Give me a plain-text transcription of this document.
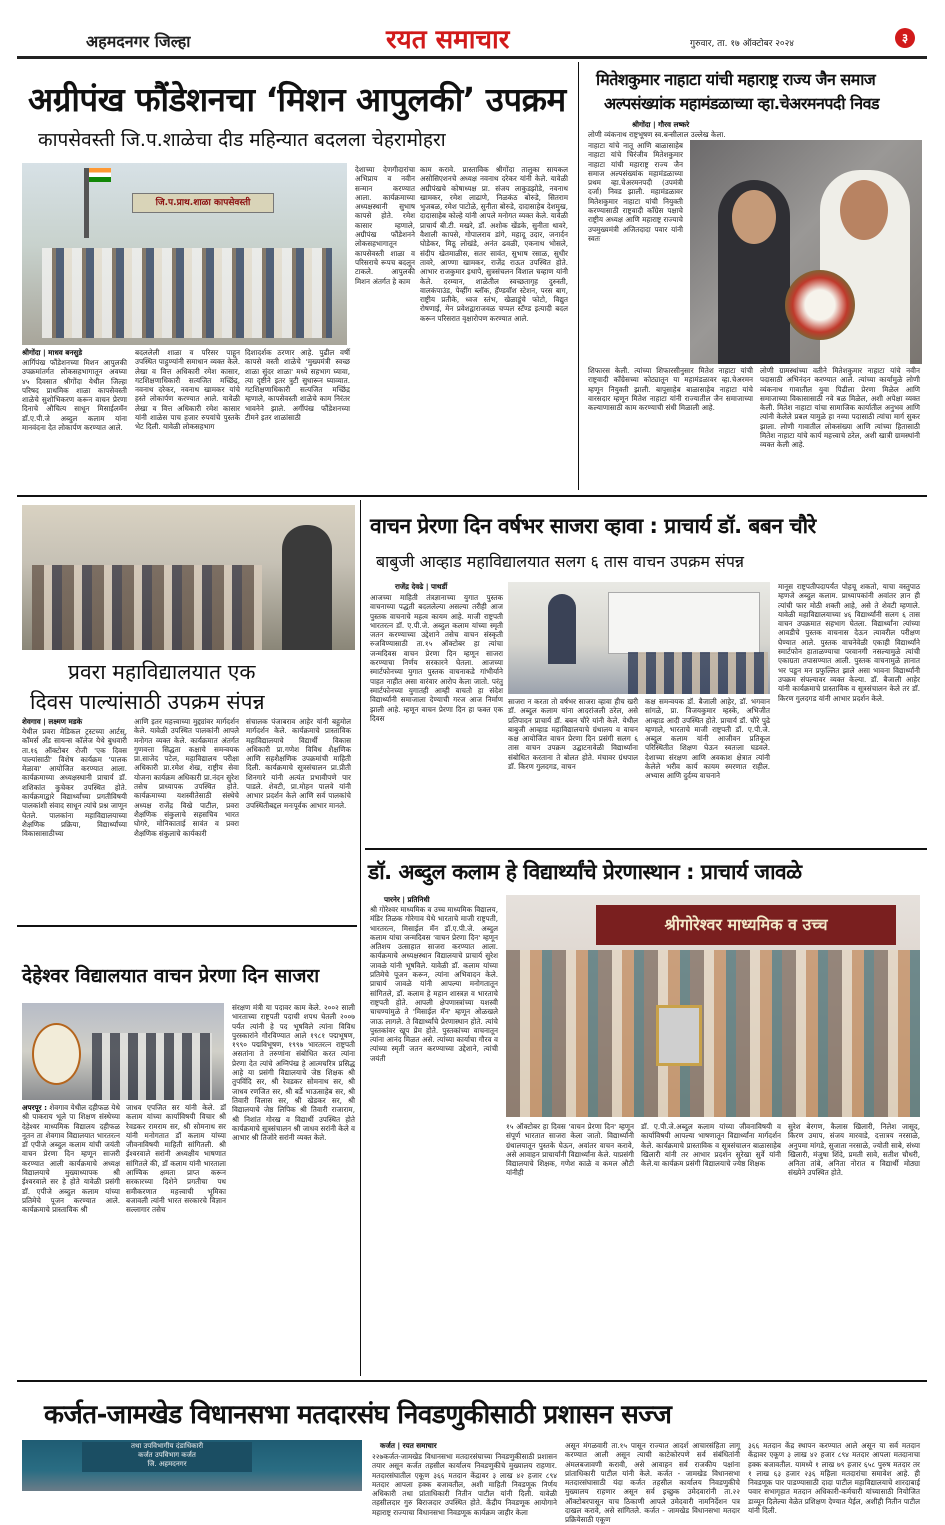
अहमदनगर जिल्हा	रयत समाचार	गुरुवार, ता. १७ ऑक्टोबर २०२४	३
अग्रीपंख फौंडेशनचा ‘मिशन आपुलकी’ उपक्रम
कापसेवस्ती जि.प.शाळेचा दीड महिन्यात बदलला चेहरामोहरा
जि.प.प्राथ.शाळा कापसेवस्ती
श्रीगोंदा | माधव बनसुडे
आर्गिपंख फौंडेशनच्या मिशन आपुलकी उपक्रमांतर्गत लोकसहभागातून अवघ्या ४५ दिवसात श्रीगोंदा येथील जिल्हा परिषद प्राथमिक शाळा कापसेवस्ती शाळेचे सुशोभिकरण करून वाचन प्रेरणा दिनाचे औचित्य साधून मिसाईलमॅन डॉ.ए.पी.जे अब्दुल कलाम यांना मानवंदना देत लोकार्पण करण्यात आले.
बदललेली शाळा व परिसर पाहून उपस्थित पाहुण्यांनी समाधान व्यक्त केले. लेखा व वित्त अधिकारी रमेश कासार, गटशिक्षणाधिकारी सत्यजित मच्छिंद्र, नवनाथ दरेकर, नवनाथ खामकर यांचे हस्ते लोकार्पण करण्यात आले. यावेळी लेखा व वित्त अधिकारी रमेश कासार यांनी शाळेस पाच हजार रुपयांचे पुस्तके भेट दिली. यावेळी लोकसहभाग
दिशादर्शक ठरणार आहे. पुढील वर्षी कापसे वस्ती शाळेचे 'मुख्यमंत्री स्वच्छ शाळा सुंदर शाळा' मध्ये सहभाग घ्यावा, त्या दृष्टीने इतर त्रुटी सुधारून घ्याव्यात. गटशिक्षणाधिकारी सत्यजित मच्छिंद्र म्हणाले, कापसेवस्ती शाळेचे काम निरंतर भावनेने झाले. अर्गीपंख फौंडेशनच्या टीमने इतर शाळांसाठी
देशाच्या देणगीदारांचा अभिप्राय व नवीन सन्मान करण्यात आला. कार्यक्रमाच्या अध्यक्षस्थानी सुभाष कापसे होते. रमेश कासार म्हणाले, अग्रीपंख फौंडेशनने लोकसहभागातून कापसेवस्ती शाळा व परिसराचे रूपच बदलून टाकले. आपुलकी मिशन अंतर्गत हे काम
काम करावे. प्रास्ताविक श्रीगोंदा तालुका सायकल असोसिएशनचे अध्यक्ष नवनाथ दरेकर यांनी केले. यावेळी अग्रीपंखचे कोषाध्यक्ष प्रा. संजय लाकुडझोडे, नवनाथ खामकर, रमेश लाढाणे, निळकंठ बोरुडे, सितराम भुजबळ, रमेश पाटोळे, सुनीता बोरुडे, दादासाहेब देशमुख, दादासाहेब कोल्हे यांनी आपले मनोगत व्यक्त केले. यावेळी प्राचार्य बी.टी. मखरे, डॉ. अशोक खेंडके, सुनीता थावरे, वैशाली कापसे, गोपालराव डांगे, महादू उदार, जनार्दन घोडेकर, मिठू लोखंडे, अनंत ढवळी, एकनाथ भोसले, संदीप खेतमाळीस, सतर सावंत, सुभाष रसाळ, सुधीर तावरे, आण्णा खामकर, राजेंद्र राऊत उपस्थित होते. आभार राजकुमार इथापे, सुत्रसंचलन विशाल चव्हाण यांनी केले. दरम्यान, शाळेतील स्वच्छतागृह दुरुस्ती, वालकंपाउंड, पेव्हींग ब्लॉक, हॅण्डवॉश स्टेशन, परस बाग, राष्ट्रीय प्रतीके, ध्वज स्तंभ, खेळाडूंचे फोटो, विद्युत रोषणाई, मेन प्रवेशद्वाराजवळ चप्पल स्टॅण्ड इत्यादी बदल करून परिसरात वृक्षारोपण करण्यात आले.
मितेशकुमार नाहाटा यांची महाराष्ट्र राज्य जैन समाज
अल्पसंख्यांक महामंडळाच्या व्हा.चेअरमनपदी निवड
श्रीगोंदा | गौरव लष्करे
लोणी व्यंकनाथ राष्ट्रभूषण स्व.बन्सीलाल उल्लेख केला.
नाहाटा यांचे नातू आणि बाळासाहेब नाहाटा यांचे चिरंजीव मितेशकुमार नाहाटा यांची महाराष्ट्र राज्य जैन समाज अल्पसंख्यांक महामंडळाच्या प्रथम व्हा.चेअरमनपदी (उपमंत्री दर्जा) निवड झाली. महामंडळावर मितेशकुमार नाहाटा यांची नियुक्ती करण्यासाठी राष्ट्रवादी काँग्रेस पक्षाचे राष्ट्रीय अध्यक्ष आणि महाराष्ट्र राज्याचे उपमुख्यमंत्री अजितदादा पवार यांनी स्वतः
शिफारस केली. त्यांच्या शिफारसीनुसार मितेश नाहाटा यांची राष्ट्रवादी काँग्रेसच्या कोट्यातून या महामंडळावर व्हा.चेअरमन म्हणून नियुक्ती झाली. बापूसाहेब बाळासाहेब नाहाटा यांचे वारसदार म्हणून मितेश नाहाटा यांनी राज्यातील जैन समाजाच्या कल्याणासाठी काम करण्याची संधी मिळाली आहे.
लोणी ग्रामस्थांच्या वतीने मितेशकुमार नाहाटा यांचे नवीन पदासाठी अभिनंदन करण्यात आले. त्यांच्या कार्यामुळे लोणी व्यंकनाथ गावातील युवा पिढीला प्रेरणा मिळेल आणि समाजाच्या विकासासाठी नवे बळ मिळेल, अशी अपेक्षा व्यक्त केली. मितेश नाहाटा यांचा सामाजिक कार्यातील अनुभव आणि त्यांनी केलेले प्रबल यामुळे हा नव्या पदासाठी त्यांचा मार्ग सुकर झाला. लोणी गावातील लोकसंख्या आणि त्यांच्या हितासाठी मितेश नाहाटा यांचे कार्य महत्त्वाचे ठरेल, अशी खात्री ग्रामस्थांनी व्यक्त केली आहे.
प्रवरा महाविद्यालयात एक
दिवस पाल्यांसाठी उपक्रम संपन्न
शेवगाव | लक्ष्मण मडके
येथील प्रवरा मेडिकल ट्रस्टच्या आर्टस्, कॉमर्स अँड सायन्स कॉलेज येथे बुधवारी ता.१६ ऑक्टोबर रोजी 'एक दिवस पाल्यांसाठी' विशेष कार्यक्रम 'पालक मेळावा' आयोजित करण्यात आला. कार्यक्रमाच्या अध्यक्षस्थानी प्राचार्य डॉ. शशिकांत कुचेकर उपस्थित होते. कार्यक्रमाद्वारे विद्यार्थ्यांच्या प्रगतीविषयी पालकांशी संवाद साधून त्यांचे प्रश्न जाणून घेतले. पालकांना महाविद्यालयाच्या शैक्षणिक प्रक्रिया, विद्यार्थ्यांच्या विकासासाठीच्या
आणि इतर महत्त्वाच्या मुद्द्यांवर मार्गदर्शन केले. यावेळी उपस्थित पालकांनी आपले मनोगत व्यक्त केले. कार्यक्रमात अंतर्गत गुणवत्ता सिद्धता कक्षाचे समन्वयक प्रा.साजेद पटेल, महाविद्यालय परीक्षा अधिकारी प्रा.रमेश शेख, राष्ट्रीय सेवा योजना कार्यक्रम अधिकारी प्रा.नंदन सुरेश तसेच प्राध्यापक उपस्थित होते. कार्यक्रमाच्या यशस्वीतेसाठी संस्थेचे अध्यक्ष राजेंद्र विखे पाटील, प्रवरा शैक्षणिक संकुलाचे सहसचिव भारत घोगरे, मोनिकाताई सावंत व प्रवरा शैक्षणिक संकुलाचे कार्यकारी
संचालक पंजाबराव आहेर यांनी बहुमोल मार्गदर्शन केले. कार्यक्रमाचे प्रास्ताविक महाविद्यालयाचे विद्यार्थी विकास अधिकारी प्रा.गणेश विविध शैक्षणिक आणि सहशैक्षणिक उपक्रमांची माहिती दिली. कार्यक्रमाचे सूत्रसंचालन प्रा.प्रीती शिनगारे यांनी अत्यंत प्रभावीपणे पार पाडले. शेवटी, प्रा.मोहन पालवे यांनी आभार प्रदर्शन केले आणि सर्व पालकांचे उपस्थितीबद्दल मनःपूर्वक आभार मानले.
वाचन प्रेरणा दिन वर्षभर साजरा व्हावा : प्राचार्य डॉ. बबन चौरे
बाबुजी आव्हाड महाविद्यालयात सलग ६ तास वाचन उपक्रम संपन्न
राजेंद्र देवढे | पाथर्डी
आजच्या माहिती तंत्रज्ञानाच्या युगात पुस्तक वाचनाच्या पद्धती बदललेल्या असल्या तरीही आज पुस्तक वाचनाचे महत्व कायम आहे. माजी राष्ट्रपती भारतरत्न डॉ. ए.पी.जे. अब्दुल कलाम यांच्या स्मृती जतन करण्याच्या उद्देशाने तसेच वाचन संस्कृती रुजविण्यासाठी ता.१५ ऑक्टोबर हा त्यांचा जन्मदिवस वाचन प्रेरणा दिन म्हणून साजरा करण्याचा निर्णय सरकारने घेतला. आजच्या स्मार्टफोनच्या युगात पुस्तक वाचनाकडे गांभीर्याने पाहत नाहीत असा वारंवार आरोप केला जातो. परंतु स्मार्टफोनच्या युगातही आम्ही वाचतो हा संदेश विद्यार्थ्यांनी समाजाला देण्याची गरज आज निर्माण झाली आहे. म्हणून वाचन प्रेरणा दिन हा फक्त एक दिवस
साजरा न करता तो वर्षभर साजरा व्हावा हीच खरी डॉ. अब्दुल कलाम यांना आदरांजली ठरेल, असे प्रतिपादन प्राचार्य डॉ. बबन चौरे यांनी केले. येथील बाबुजी आव्हाड महाविद्यालयाचे ग्रंथालय व वाचन कक्ष आयोजित वाचन प्रेरणा दिन प्रसंगी सलग ६ तास वाचन उपक्रम उद्घाटनावेळी विद्यार्थ्यांना संबोधित करताना ते बोलत होते. मंचावर ग्रंथपाल डॉ. किरण गुलदगड, वाचन
कक्ष समन्वयक डॉ. बैजाली आहेर, डॉ. भगवान सांगळे, प्रा. विजयकुमार म्हस्के, अभिजीत आव्हाड आदी उपस्थित होते. प्राचार्य डॉ. चौरे पुढे म्हणाले, भारताचे माजी राष्ट्रपती डॉ. ए.पी.जे. अब्दुल कलाम यांनी आजीवन प्रतिकूल परिस्थितीत शिक्षण घेऊन स्वतःला घडवले. देशाच्या संरक्षण आणि अवकाश क्षेत्रात त्यांनी केलेले भरीव कार्य कायम स्मरणात राहील. अभ्यास आणि दुर्दम्य वाचनाने
मानूस राष्ट्रपतीपदापर्यंत पोहचू शकतो, याचा वस्तुपाठ म्हणजे अब्दुल कलाम. प्राध्यापकांनी अवांतर ज्ञान ही त्यांची फार मोठी शक्ती आहे, असे ते शेवटी म्हणाले. यावेळी महाविद्यालयाच्या ४६ विद्यार्थ्यांनी सलग ६ तास वाचन उपक्रमात सहभाग घेतला. विद्यार्थ्यांना त्यांच्या आवडीचे पुस्तक वाचनास देऊन त्यावरील परीक्षण घेण्यात आले. पुस्तक वाचनेवेळी एकाही विद्यार्थ्यांने स्मार्टफोन हाताळण्याचा परवानगी नसल्यामुळे त्यांची एकाग्रता तपासण्यात आली. पुस्तक वाचनामुळे ज्ञानात भर पडून मन प्रफुल्लित झाले असा भावना विद्यार्थ्यांनी उपक्रम संपल्यावर व्यक्त केल्या. डॉ. बैजाली आहेर यांनी कार्यक्रमाचे प्रास्ताविक व सूत्रसंचालन केले तर डॉ. किरण गुलदगड यांनी आभार प्रदर्शन केले.
डॉ. अब्दुल कलाम हे विद्यार्थ्यांचे प्रेरणास्थान : प्राचार्य जावळे
पारनेर | प्रतिनिधी
श्री गोरेश्वर माध्यमिक व उच्च माध्यमिक विद्यालय, मंडिर तिळक गोरेगाव येथे भारताचे माजी राष्ट्रपती, भारतरत्न, मिसाईल मॅन डॉ.ए.पी.जे. अब्दुल कलाम यांचा जन्मदिवस 'वाचन प्रेरणा दिन' म्हणून अतिशय उत्साहात साजरा करण्यात आला. कार्यक्रमाचे अध्यक्षस्थान विद्यालयाचे प्राचार्य सुरेश जावळे यांनी भूषविले. यावेळी डॉ. कलाम यांच्या प्रतिमेचे पूजन करून, त्यांना अभिवादन केले. प्राचार्य जावळे यांनी आपल्या मनोगतातून सांगितले, डॉ. कलाम हे महान शास्त्रज्ञ व भारताचे राष्ट्रपती होते. आपली क्षेपणास्त्रांच्या यशस्वी चाचण्यांमुळे ते 'मिसाईल मॅन' म्हणून ओळखले जाऊ लागले. ते विद्यार्थ्यांचे प्रेरणास्थान होते. त्यांचे पुस्तकांवर खूप प्रेम होते. पुस्तकांच्या वाचनातून त्यांना आनंद मिळत असे. त्यांच्या कार्याचा गौरव व त्यांच्या स्मृती जतन करण्याच्या उद्देशाने, त्यांची जयंती
श्रीगोरेश्वर माध्यमिक व उच्च
१५ ऑक्टोबर हा दिवस 'वाचन प्रेरणा दिन' म्हणून संपूर्ण भारतात साजरा केला जातो. विद्यार्थ्यांनी ग्रंथालयातून पुस्तके घेऊन, अवांतर वाचन करावे, असे आवाहन प्राचार्यांनी विद्यार्थ्यांना केले. याप्रसंगी विद्यालयाचे शिक्षक, गणेश काळे व कमल औटी यांनीही
डॉ. ए.पी.जे.अब्दुल कलाम यांच्या जीवनाविषयी व कार्याविषयी आपल्या भाषणातून विद्यार्थ्यांना मार्गदर्शन केले. कार्यक्रमाचे प्रास्ताविक व सूत्रसंचालन बाळासाहेब खिलारी यांनी तर आभार प्रदर्शन सुरेखा सुर्वे यांनी केले.या कार्यक्रम प्रसंगी विद्यालयाचे ज्येष्ठ शिक्षक
सुरेश बेरगण, कैलास खिलारी, निलेश जासूद, किरण उमाप, संजय मारवाडे, दत्तात्रय नरसाळे, अनुपमा मांगडे, सुजाता नरसाळे, ज्योती साबे, संध्या खिलारी, मंजुषा शिंदे, प्रमती सावे, सतीश चौधरी, अनिता तांबे, अनिता नोरात व विद्यार्थी मोठ्या संख्येने उपस्थित होते.
देहेश्वर विद्यालयात वाचन प्रेरणा दिन साजरा
अपरपूर : शेवगाव येथील दहीफळ येथे श्री पाकराय भूले पा शिक्षण संस्थेच्या देहेश्वर माध्यमिक विद्यालय दहीफळ नूतन ता शेवगाव विद्यालयात भारतरत्न डॉ एपीजे अब्दुल कलाम यांची जयंती वाचन प्रेरणा दिन म्हणून साजरी करण्यात आली कार्यक्रमाचे अध्यक्ष विद्यालयाचे मुख्याध्यापक श्री ईश्वरवाले सर हे होते यावेळी प्रसंगी डॉ. एपीजे अब्दुल कलाम यांच्या प्रतिमेचे पूजन करण्यात आले. कार्यक्रमाचे प्रास्ताविक श्री
जाधव एपजित सर यांनी केले. डॉ कलाम यांच्या कार्याविषयी विचार श्री रेवडकर रामराम सर, श्री सोमनाथ सर यांनी मनोगतात डॉ कलाम यांच्या जीवनाविषयी माहिती सांगितली. श्री ईश्वरवाले सरांनी अध्यक्षीय भाषणात सांगितले की, डॉ कलाम यांनी भारताला आण्विक क्षमता प्राप्त करून सरकारच्या दिशेने प्रगतीचा पथ समीकरणात महत्त्वाची भूमिका बजावली त्यांनी भारत सरकारचे विज्ञान सल्लागार तसेच
संरक्षण मंत्री या पदावर काम केले. २००२ साली भारताच्या राष्ट्रपती पदाची शपथ घेतली २००७ पर्यंत त्यांनी हे पद भूषविले त्यांना विविध पुरस्कारांने गौरविण्यात आले १९८१ पद्मभूषण, १९९० पद्मविभूषण, १९९७ भारतरत्न राष्ट्रपती असतांना ते तरुणांना संबोधित करत त्यांना प्रेरणा देत त्यांचे अग्निपंख हे आत्मचरित्र प्रसिद्ध आहे या प्रसंगी विद्यालयाचे जेष्ठ शिक्षक श्री तुपविंदि सर, श्री रेवडकर सोमनाथ सर, श्री जाधव रणजित सर, श्री बर्डे भाऊसाहेब सर, श्री तिवारी विलास सर, श्री खेडकर सर, श्री विद्यालयाचे जेष्ठ लिपिक श्री तिवारी राजाराम, श्री निशांत गोरख व विद्यार्थी उपस्थित होते कार्यक्रमाचे सूत्रसंचालन श्री जाधव सरांनी केले व आभार श्री तिजोरे सरांनी व्यक्त केले.
कर्जत-जामखेड विधानसभा मतदारसंघ निवडणुकीसाठी प्रशासन सज्ज
तथा उपविभागीय दंडाधिकारी
कर्जत उपविभाग कर्जत
जि. अहमदनगर
कर्जत | रयत समाचार
२२७कर्जत-जामखेड विधानसभा मतदारसंघाच्या निवडणुकीसाठी प्रशासन तयार असून कर्जत तहसील कार्यालय निवडणुकीचे मुख्यालय राहणार. मतदारसंघातील एकूण ३६६ मतदान केंद्रावर ३ लाख ४२ हजार ८९४ मतदार आपला हक्क बजावतील, अशी माहिती निवडणूक निर्णय अधिकारी तथा प्रांताधिकारी नितीन पाटील यांनी दिली. यावेळी तहसीलदार गुरु बिराजदार उपस्थित होते. केंद्रीय निवडणूक आयोगाने महाराष्ट्र राज्याचा विधानसभा निवडणूक कार्यक्रम जाहीर केला
असून मंगळवारी ता.१५ पासून राज्यात आदर्श आचारसंहिता लागू करण्यात आली असून त्याची काटेकोरपणे सर्व संबंधितांनी अंमलबजावणी करावी, असे आवाहन सर्व राजकीय पक्षांना प्रांताधिकारी पाटील यांनी केले. कर्जत - जामखेड विधानसभा मतदारसंघासाठी यंदा कर्जत तहसील कार्यालय निवडणुकीचे मुख्यालय राहणार असून सर्व इच्छुक उमेदवारांनी ता.२२ ऑक्टोबरपासून याच ठिकाणी आपले उमेदवारी नामनिर्देशन पत्र दाखल करावे, असे सांगितले. कर्जत - जामखेड विधानसभा मतदार प्रक्रियेसाठी एकूण
३६६ मतदान केंद्र स्थापन करण्यात आले असून या सर्व मतदान केंद्रावर एकूण ३ लाख ४२ हजार ८९४ मतदार आपला मतदानाचा हक्क बजावतील. यामध्ये १ लाख ७९ हजार ६५८ पुरुष मतदार तर १ लाख ६३ हजार २३६ महिला मतदारांचा समावेश आहे. ही निवडणूक पार पाडण्यासाठी दादा पाटील महाविद्यालयाचे शारदाबाई पवार सभागृहात मतदान अधिकारी-कर्मचारी यांच्यासाठी नियोजित डाव्यून दिलेल्या वेळेत प्रशिक्षण देण्यात येईल, अशीही नितीन पाटील यांनी दिली.
